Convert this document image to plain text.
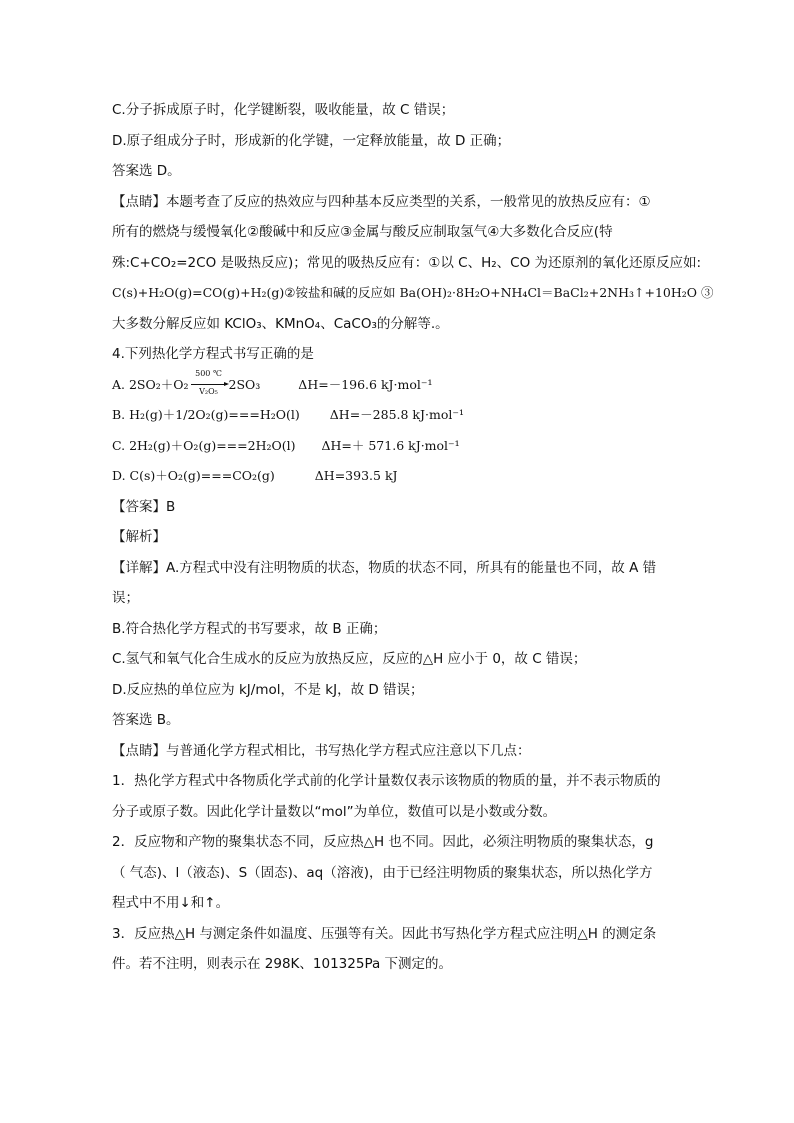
C.分子拆成原子时，化学键断裂，吸收能量，故 C 错误；
D.原子组成分子时，形成新的化学键，一定释放能量，故 D 正确；
答案选 D。
【点睛】本题考查了反应的热效应与四种基本反应类型的关系，一般常见的放热反应有：①
所有的燃烧与缓慢氧化②酸碱中和反应③金属与酸反应制取氢气④大多数化合反应(特
殊:C+CO₂=2CO 是吸热反应)；常见的吸热反应有：①以 C、H₂、CO 为还原剂的氧化还原反应如:
C(s)+H₂O(g)=CO(g)+H₂(g)②铵盐和碱的反应如 Ba(OH)₂·8H₂O+NH₄Cl＝BaCl₂+2NH₃↑+10H₂O ③
大多数分解反应如 KClO₃、KMnO₄、CaCO₃的分解等.。
4.下列热化学方程式书写正确的是
A. $2SO_2+O_2 \frac{500 ℃}{\text{V₂O₅}} 2SO_3$	ΔH=－196.6 kJ·mol⁻¹
B. H₂(g)＋1/2O₂(g)===H₂O(l) ΔH=－285.8 kJ·mol⁻¹
C. 2H₂(g)＋O₂(g)===2H₂O(l) ΔH=＋ 571.6 kJ·mol⁻¹
D. C(s)＋O₂(g)===CO₂(g)	ΔH=393.5 kJ
【答案】B
【解析】
【详解】A.方程式中没有注明物质的状态，物质的状态不同，所具有的能量也不同，故 A 错
误；
B.符合热化学方程式的书写要求，故 B 正确；
C.氢气和氧气化合生成水的反应为放热反应，反应的△H 应小于 0，故 C 错误；
D.反应热的单位应为 kJ/mol，不是 kJ，故 D 错误；
答案选 B。
【点睛】与普通化学方程式相比，书写热化学方程式应注意以下几点：
1．热化学方程式中各物质化学式前的化学计量数仅表示该物质的物质的量，并不表示物质的
分子或原子数。因此化学计量数以“mol”为单位，数值可以是小数或分数。
2．反应物和产物的聚集状态不同，反应热△H 也不同。因此，必须注明物质的聚集状态，g
（ 气态)、l（液态)、S（固态)、aq（溶液)，由于已经注明物质的聚集状态，所以热化学方
程式中不用↓和↑。
3．反应热△H 与测定条件如温度、压强等有关。因此书写热化学方程式应注明△H 的测定条
件。若不注明，则表示在 298K、101325Pa 下测定的。
